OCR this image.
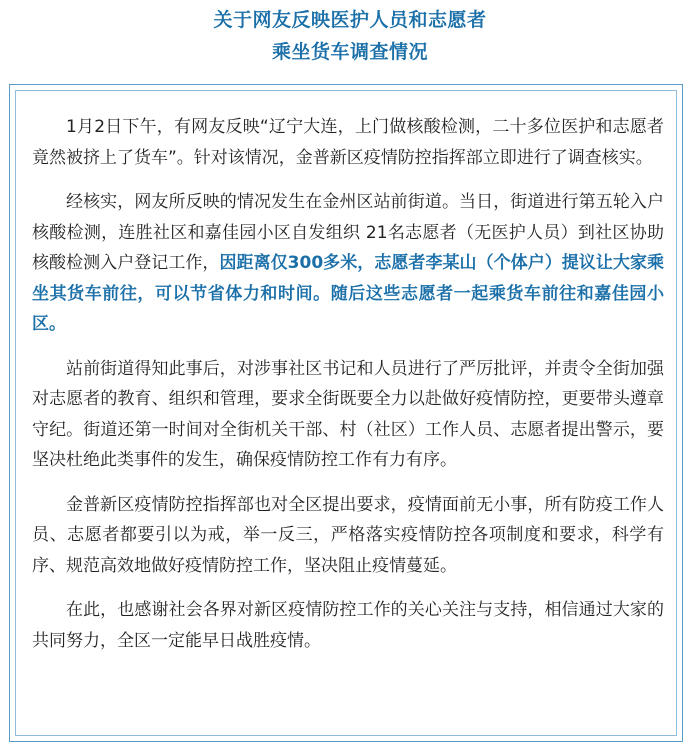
关于网友反映医护人员和志愿者
乘坐货车调查情况

1月2日下午，有网友反映“辽宁大连，上门做核酸检测，二十多位医护和志愿者竟然被挤上了货车”。针对该情况，金普新区疫情防控指挥部立即进行了调查核实。

经核实，网友所反映的情况发生在金州区站前街道。当日，街道进行第五轮入户核酸检测，连胜社区和嘉佳园小区自发组织 21名志愿者（无医护人员）到社区协助核酸检测入户登记工作，因距离仅300多米，志愿者李某山（个体户）提议让大家乘坐其货车前往，可以节省体力和时间。随后这些志愿者一起乘货车前往和嘉佳园小区。

站前街道得知此事后，对涉事社区书记和人员进行了严厉批评，并责令全街加强对志愿者的教育、组织和管理，要求全街既要全力以赴做好疫情防控，更要带头遵章守纪。街道还第一时间对全街机关干部、村（社区）工作人员、志愿者提出警示，要坚决杜绝此类事件的发生，确保疫情防控工作有力有序。

金普新区疫情防控指挥部也对全区提出要求，疫情面前无小事，所有防疫工作人员、志愿者都要引以为戒，举一反三，严格落实疫情防控各项制度和要求，科学有序、规范高效地做好疫情防控工作，坚决阻止疫情蔓延。

在此，也感谢社会各界对新区疫情防控工作的关心关注与支持，相信通过大家的共同努力，全区一定能早日战胜疫情。
